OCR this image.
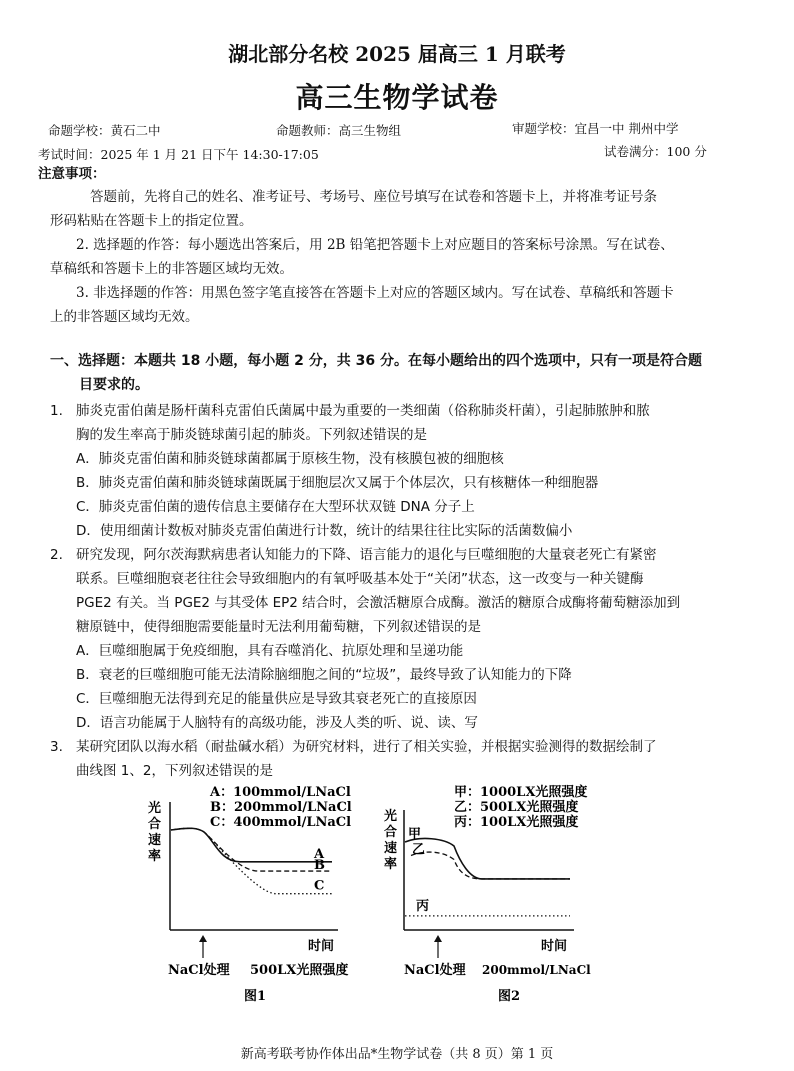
湖北部分名校 2025 届高三 1 月联考
高三生物学试卷
命题学校：黄石二中	命题教师：高三生物组	审题学校：宜昌一中 荆州中学
考试时间：2025 年 1 月 21 日下午 14:30-17:05	试卷满分：100 分
注意事项：
答题前，先将自己的姓名、准考证号、考场号、座位号填写在试卷和答题卡上，并将准考证号条
形码粘贴在答题卡上的指定位置。
2. 选择题的作答：每小题选出答案后，用 2B 铅笔把答题卡上对应题目的答案标号涂黑。写在试卷、
草稿纸和答题卡上的非答题区域均无效。
3. 非选择题的作答：用黑色签字笔直接答在答题卡上对应的答题区域内。写在试卷、草稿纸和答题卡
上的非答题区域均无效。
一、选择题：本题共 18 小题，每小题 2 分，共 36 分。在每小题给出的四个选项中，只有一项是符合题
目要求的。
1. 肺炎克雷伯菌是肠杆菌科克雷伯氏菌属中最为重要的一类细菌（俗称肺炎杆菌），引起肺脓肿和脓
胸的发生率高于肺炎链球菌引起的肺炎。下列叙述错误的是
A．肺炎克雷伯菌和肺炎链球菌都属于原核生物，没有核膜包被的细胞核
B．肺炎克雷伯菌和肺炎链球菌既属于细胞层次又属于个体层次，只有核糖体一种细胞器
C．肺炎克雷伯菌的遗传信息主要储存在大型环状双链 DNA 分子上
D．使用细菌计数板对肺炎克雷伯菌进行计数，统计的结果往往比实际的活菌数偏小
2. 研究发现，阿尔茨海默病患者认知能力的下降、语言能力的退化与巨噬细胞的大量衰老死亡有紧密
联系。巨噬细胞衰老往往会导致细胞内的有氧呼吸基本处于“关闭”状态，这一改变与一种关键酶
PGE2 有关。当 PGE2 与其受体 EP2 结合时，会激活糖原合成酶。激活的糖原合成酶将葡萄糖添加到
糖原链中，使得细胞需要能量时无法利用葡萄糖，下列叙述错误的是
A．巨噬细胞属于免疫细胞，具有吞噬消化、抗原处理和呈递功能
B．衰老的巨噬细胞可能无法清除脑细胞之间的“垃圾”，最终导致了认知能力的下降
C．巨噬细胞无法得到充足的能量供应是导致其衰老死亡的直接原因
D．语言功能属于人脑特有的高级功能，涉及人类的听、说、读、写
3. 某研究团队以海水稻（耐盐碱水稻）为研究材料，进行了相关实验，并根据实验测得的数据绘制了
曲线图 1、2，下列叙述错误的是
A：100mmol/LNaCl
B：200mmol/LNaCl
C：400mmol/LNaCl
光
合
速
率
时间
NaCl处理 500LX光照强度
图1
A
B
C
甲：1000LX光照强度
乙：500LX光照强度
丙：100LX光照强度
光
合
速
率
时间
NaCl处理 200mmol/LNaCl
图2
甲
乙
丙
新高考联考协作体出品*生物学试卷（共 8 页）第 1 页
